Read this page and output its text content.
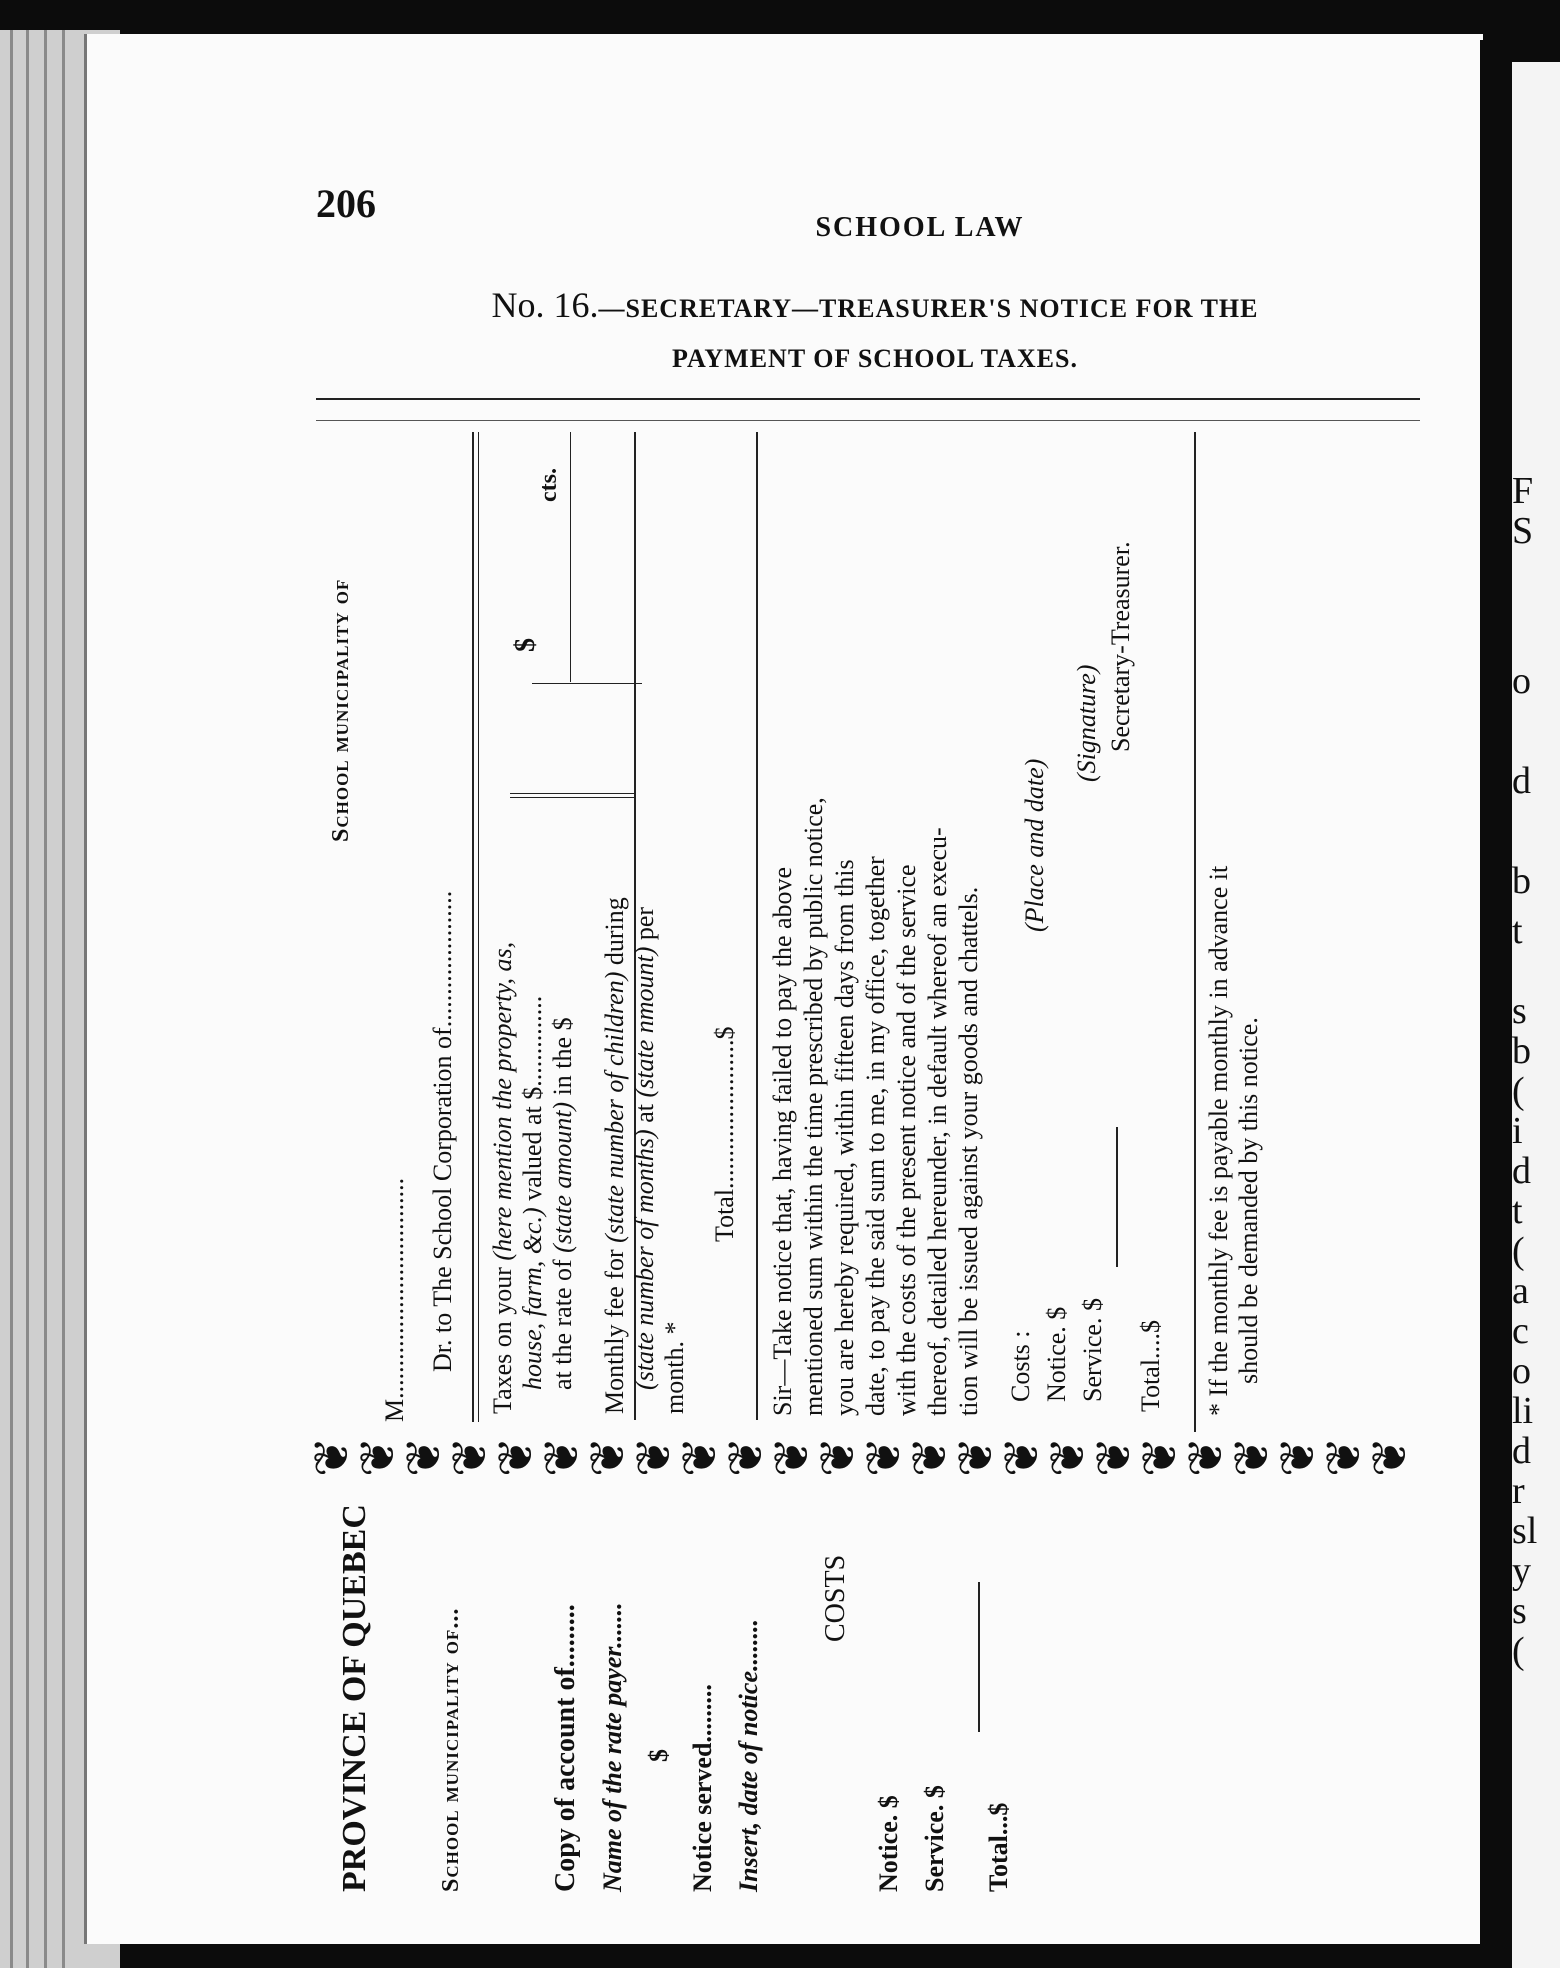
F
S
o
d
b
t
s
b
(
i
d
t
(
a
c
o
li
d
r
sl
y
s
(
206
SCHOOL LAW
No. 16.—SECRETARY—TREASURER'S NOTICE FOR THE
PAYMENT OF SCHOOL TAXES.
PROVINCE OF QUEBEC	School municipality of...	Copy of account of......... Name of the rate payer....... $ Notice served......... Insert, date of notice........
COSTS
Notice. $ Service. $ Total...$
❦
❦
❦
❦
❦
❦
❦
❦
❦
❦
❦
❦
❦
❦
❦
❦
❦
❦
❦
❦
❦
❦
❦
❦
School municipality of
M.................................. Dr. to The School Corporation of.....................
$
cts.
Taxes on your (here mention the property, as,
house, farm, &c.) valued at $..............
at the rate of (state amount) in the $
Monthly fee for (state number of children) during
(state number of months) at (state nmount) per
month. *
Total.......................$ Sir—Take notice that, having failed to pay the above mentioned sum within the time prescribed by public notice, you are hereby required, within fifteen days from this date, to pay the said sum to me, in my office, together with the costs of the present notice and of the service thereof, detailed hereunder, in default whereof an execu- tion will be issued against your goods and chattels.
(Place and date)
(Signature) Secretary-Treasurer.
Costs : Notice. $ Service. $ Total....$ * If the monthly fee is payable monthly in advance it should be demanded by this notice.
